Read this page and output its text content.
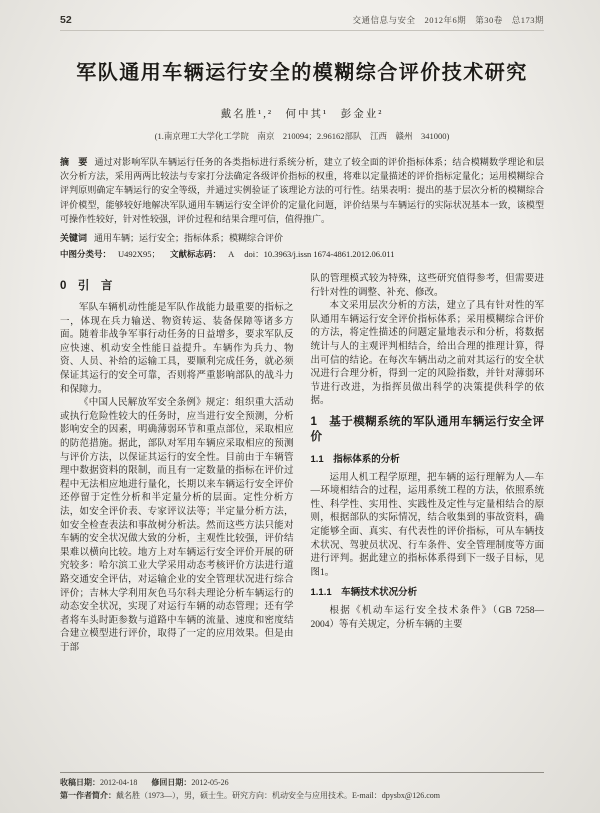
52	交通信息与安全　2012年6期　第30卷　总173期
军队通用车辆运行安全的模糊综合评价技术研究
戴名胜¹,²　何中其¹　彭金业²
(1.南京理工大学化工学院　南京　210094；2.96162部队　江西　赣州　341000)
摘　要 通过对影响军队车辆运行任务的各类指标进行系统分析，建立了较全面的评价指标体系；结合模糊数学理论和层次分析方法，采用两两比较法与专家打分法确定各级评价指标的权重，将难以定量描述的评价指标定量化；运用模糊综合评判原则确定车辆运行的安全等级，并通过实例验证了该理论方法的可行性。结果表明：提出的基于层次分析的模糊综合评价模型，能够较好地解决军队通用车辆运行安全评价的定量化问题，评价结果与车辆运行的实际状况基本一致，该模型可操作性较好，针对性较强，评价过程和结果合理可信，值得推广。
关键词 通用车辆；运行安全；指标体系；模糊综合评价
中图分类号： U492X95； 文献标志码： A doi：10.3963/j.issn 1674-4861.2012.06.011
0　引　言

军队车辆机动性能是军队作战能力最重要的指标之一，体现在兵力输送、物资转运、装备保障等诸多方面。随着非战争军事行动任务的日益增多，要求军队反应快速、机动安全性能日益提升。车辆作为兵力、物资、人员、补给的运输工具，要顺利完成任务，就必须保证其运行的安全可靠，否则将严重影响部队的战斗力和保障力。

《中国人民解放军安全条例》规定：组织重大活动或执行危险性较大的任务时，应当进行安全预测，分析影响安全的因素，明确薄弱环节和重点部位，采取相应的防范措施。据此，部队对军用车辆应采取相应的预测与评价方法，以保证其运行的安全性。目前由于车辆管理中数据资料的限制，而且有一定数量的指标在评价过程中无法相应地进行量化，长期以来车辆运行安全评价还停留于定性分析和半定量分析的层面。定性分析方法，如安全评价表、专家评议法等；半定量分析方法，如安全检查表法和事故树分析法。然而这些方法只能对车辆的安全状况做大致的分析，主观性比较强，评价结果难以横向比较。地方上对车辆运行安全评价开展的研究较多：哈尔滨工业大学采用动态考核评价方法进行道路交通安全评估，对运输企业的安全管理状况进行综合评价；吉林大学利用灰色马尔科夫理论分析车辆运行的动态安全状况，实现了对运行车辆的动态管理；还有学者将车头时距参数与道路中车辆的流量、速度和密度结合建立模型进行评价，取得了一定的应用效果。但是由于部

队的管理模式较为特殊，这些研究值得参考，但需要进行针对性的调整、补充、修改。

本文采用层次分析的方法，建立了具有针对性的军队通用车辆运行安全评价指标体系；采用模糊综合评价的方法，将定性描述的问题定量地表示和分析，将数据统计与人的主观评判相结合，给出合理的推理计算，得出可信的结论。在每次车辆出动之前对其运行的安全状况进行合理分析，得到一定的风险指数，并针对薄弱环节进行改进，为指挥员做出科学的决策提供科学的依据。

1　基于模糊系统的军队通用车辆运行安全评价
1.1　指标体系的分析

运用人机工程学原理，把车辆的运行理解为人—车—环境相结合的过程，运用系统工程的方法，依照系统性、科学性、实用性、实践性及定性与定量相结合的原则，根据部队的实际情况，结合收集到的事故资料，确定能够全面、真实、有代表性的评价指标，可从车辆技术状况、驾驶员状况、行车条件、安全管理制度等方面进行评判。据此建立的指标体系得到下一级子目标，见图1。

1.1.1　车辆技术状况分析

根据《机动车运行安全技术条件》（GB 7258—2004）等有关规定，分析车辆的主要

收稿日期：2012-04-18 修回日期：2012-05-26
第一作者简介：戴名胜（1973—），男，硕士生。研究方向：机动安全与应用技术。E-mail：dpysbx@126.com
